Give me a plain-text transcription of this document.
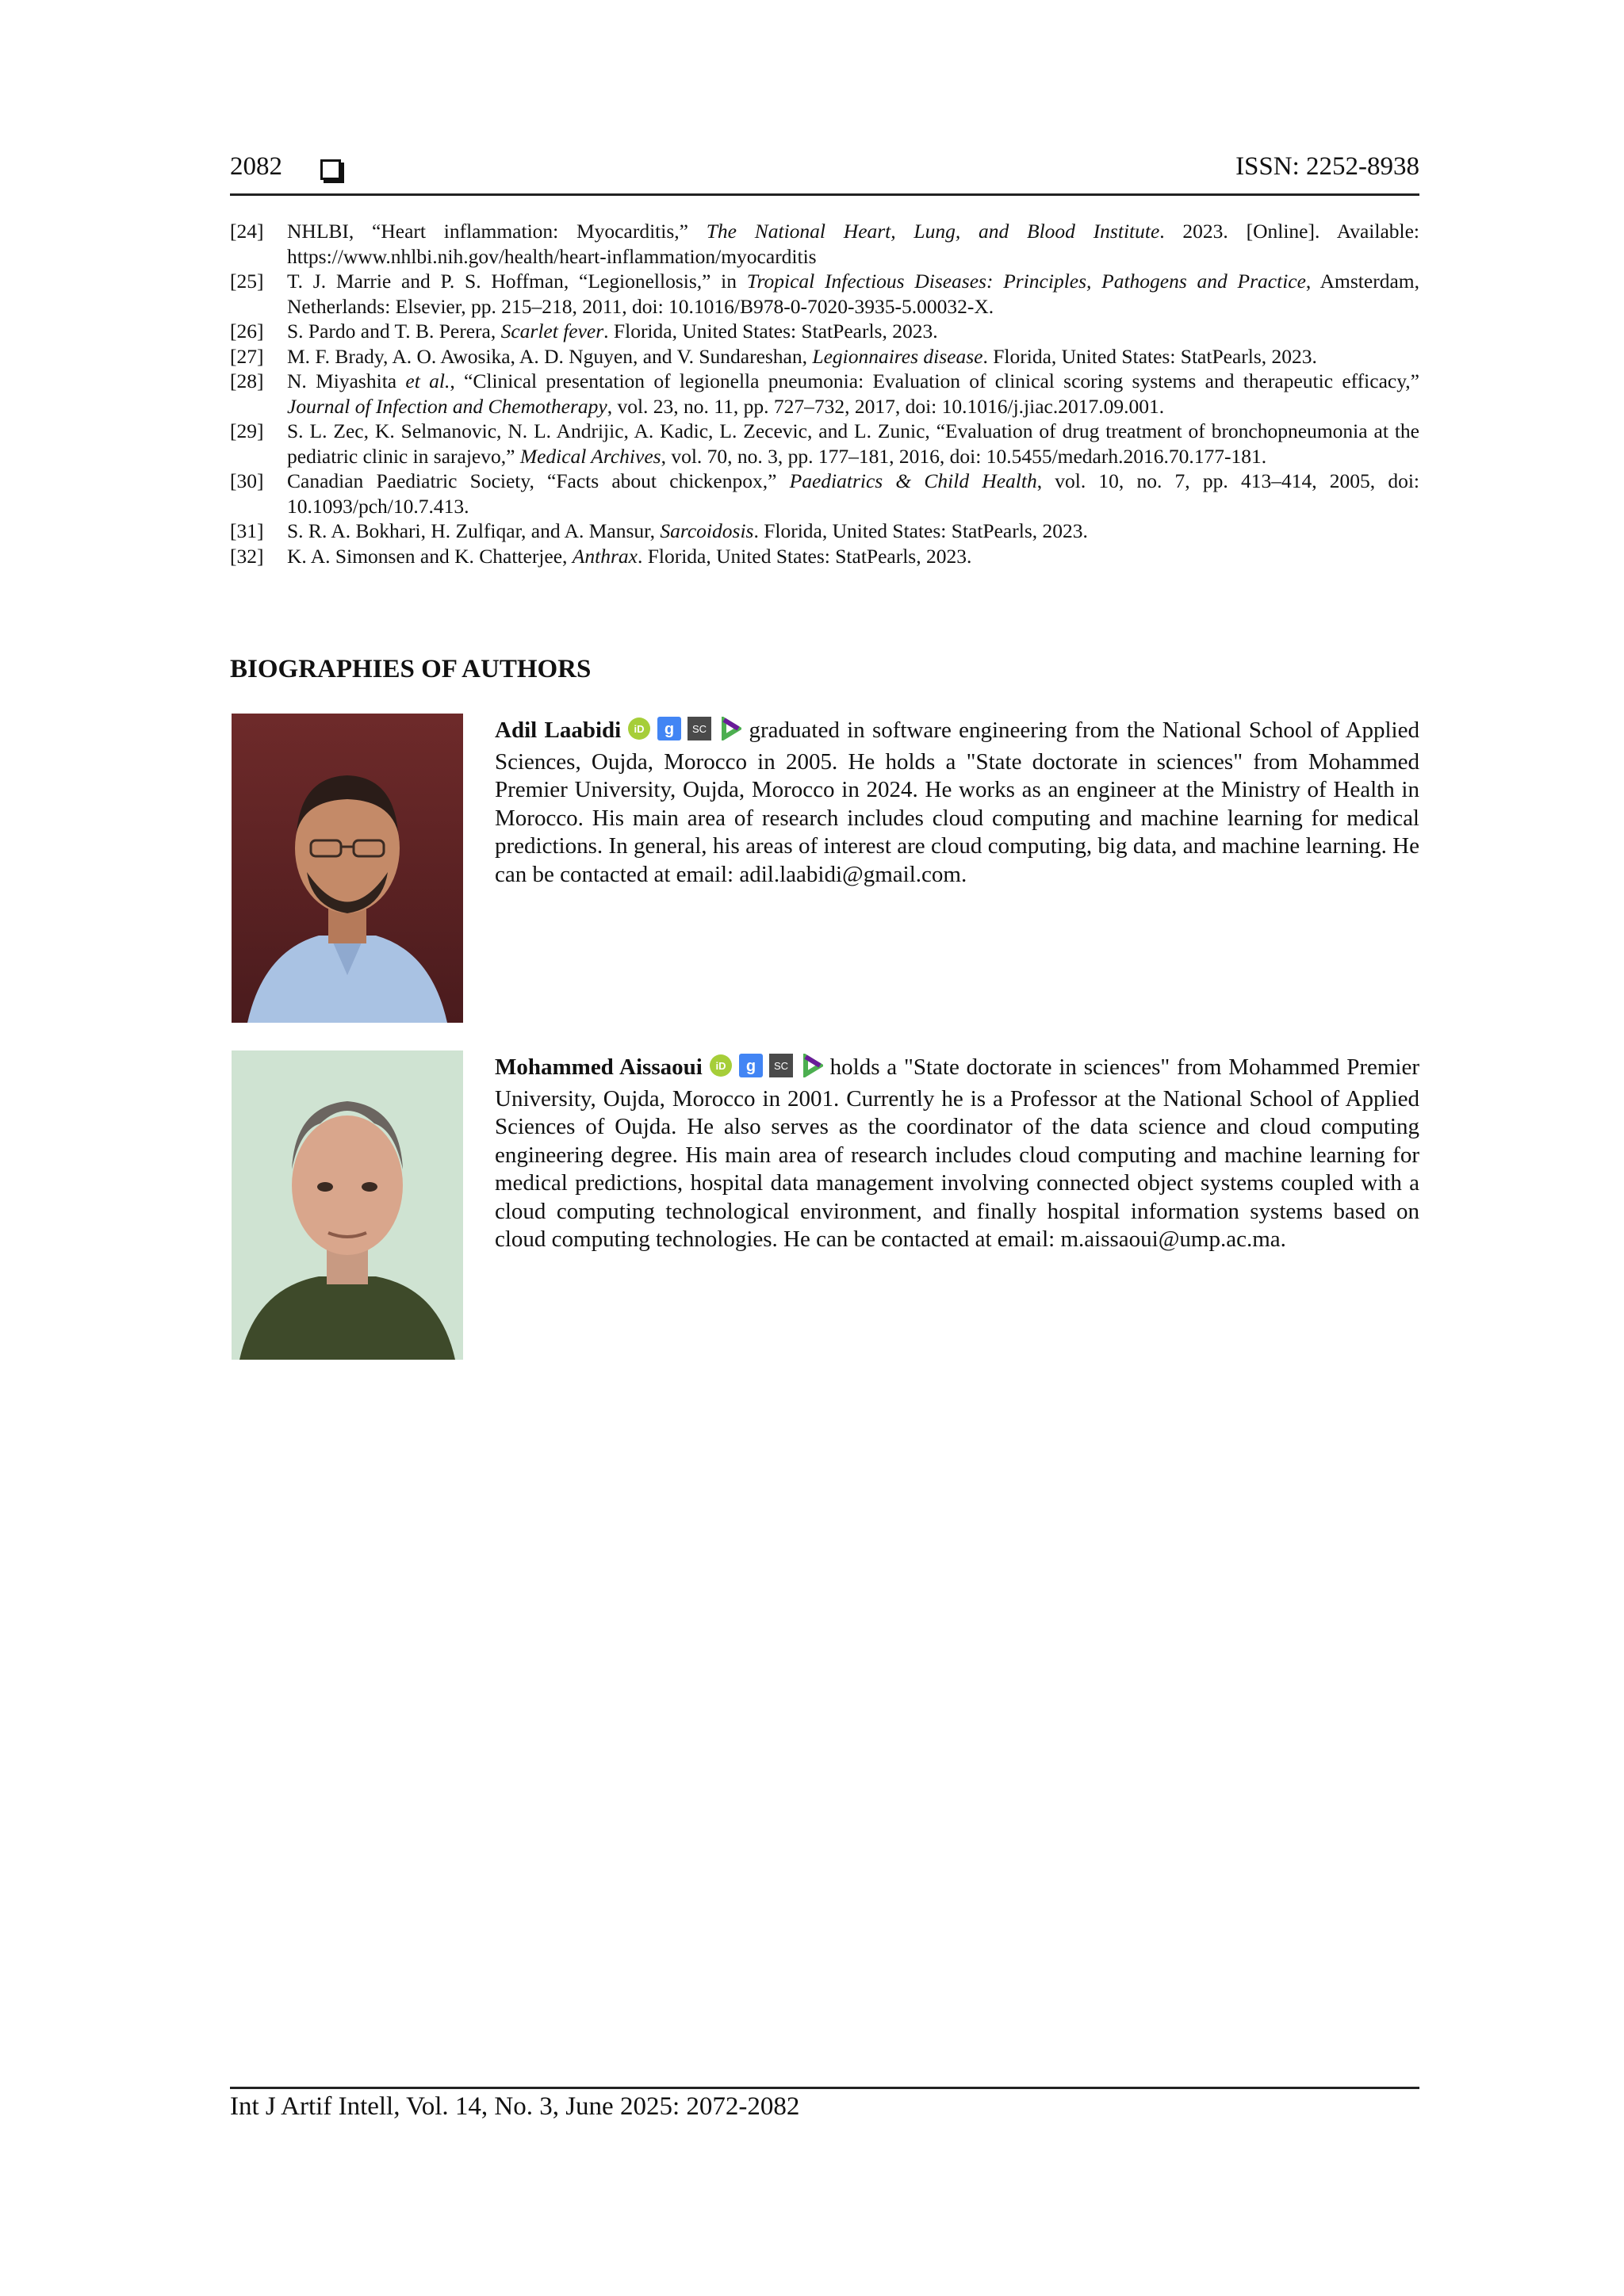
2082	ISSN: 2252-8938
[24] NHLBI, “Heart inflammation: Myocarditis,” The National Heart, Lung, and Blood Institute. 2023. [Online]. Available: https://www.nhlbi.nih.gov/health/heart-inflammation/myocarditis
[25] T. J. Marrie and P. S. Hoffman, “Legionellosis,” in Tropical Infectious Diseases: Principles, Pathogens and Practice, Amsterdam, Netherlands: Elsevier, pp. 215–218, 2011, doi: 10.1016/B978-0-7020-3935-5.00032-X.
[26] S. Pardo and T. B. Perera, Scarlet fever. Florida, United States: StatPearls, 2023.
[27] M. F. Brady, A. O. Awosika, A. D. Nguyen, and V. Sundareshan, Legionnaires disease. Florida, United States: StatPearls, 2023.
[28] N. Miyashita et al., “Clinical presentation of legionella pneumonia: Evaluation of clinical scoring systems and therapeutic efficacy,” Journal of Infection and Chemotherapy, vol. 23, no. 11, pp. 727–732, 2017, doi: 10.1016/j.jiac.2017.09.001.
[29] S. L. Zec, K. Selmanovic, N. L. Andrijic, A. Kadic, L. Zecevic, and L. Zunic, “Evaluation of drug treatment of bronchopneumonia at the pediatric clinic in sarajevo,” Medical Archives, vol. 70, no. 3, pp. 177–181, 2016, doi: 10.5455/medarh.2016.70.177-181.
[30] Canadian Paediatric Society, “Facts about chickenpox,” Paediatrics & Child Health, vol. 10, no. 7, pp. 413–414, 2005, doi: 10.1093/pch/10.7.413.
[31] S. R. A. Bokhari, H. Zulfiqar, and A. Mansur, Sarcoidosis. Florida, United States: StatPearls, 2023.
[32] K. A. Simonsen and K. Chatterjee, Anthrax. Florida, United States: StatPearls, 2023.
BIOGRAPHIES OF AUTHORS
Adil Laabidi iD g SC graduated in software engineering from the National School of Applied Sciences, Oujda, Morocco in 2005. He holds a "State doctorate in sciences" from Mohammed Premier University, Oujda, Morocco in 2024. He works as an engineer at the Ministry of Health in Morocco. His main area of research includes cloud computing and machine learning for medical predictions. In general, his areas of interest are cloud computing, big data, and machine learning. He can be contacted at email: adil.laabidi@gmail.com.
Mohammed Aissaoui iD g SC holds a "State doctorate in sciences" from Mohammed Premier University, Oujda, Morocco in 2001. Currently he is a Professor at the National School of Applied Sciences of Oujda. He also serves as the coordinator of the data science and cloud computing engineering degree. His main area of research includes cloud computing and machine learning for medical predictions, hospital data management involving connected object systems coupled with a cloud computing technological environment, and finally hospital information systems based on cloud computing technologies. He can be contacted at email: m.aissaoui@ump.ac.ma.
Int J Artif Intell, Vol. 14, No. 3, June 2025: 2072-2082
